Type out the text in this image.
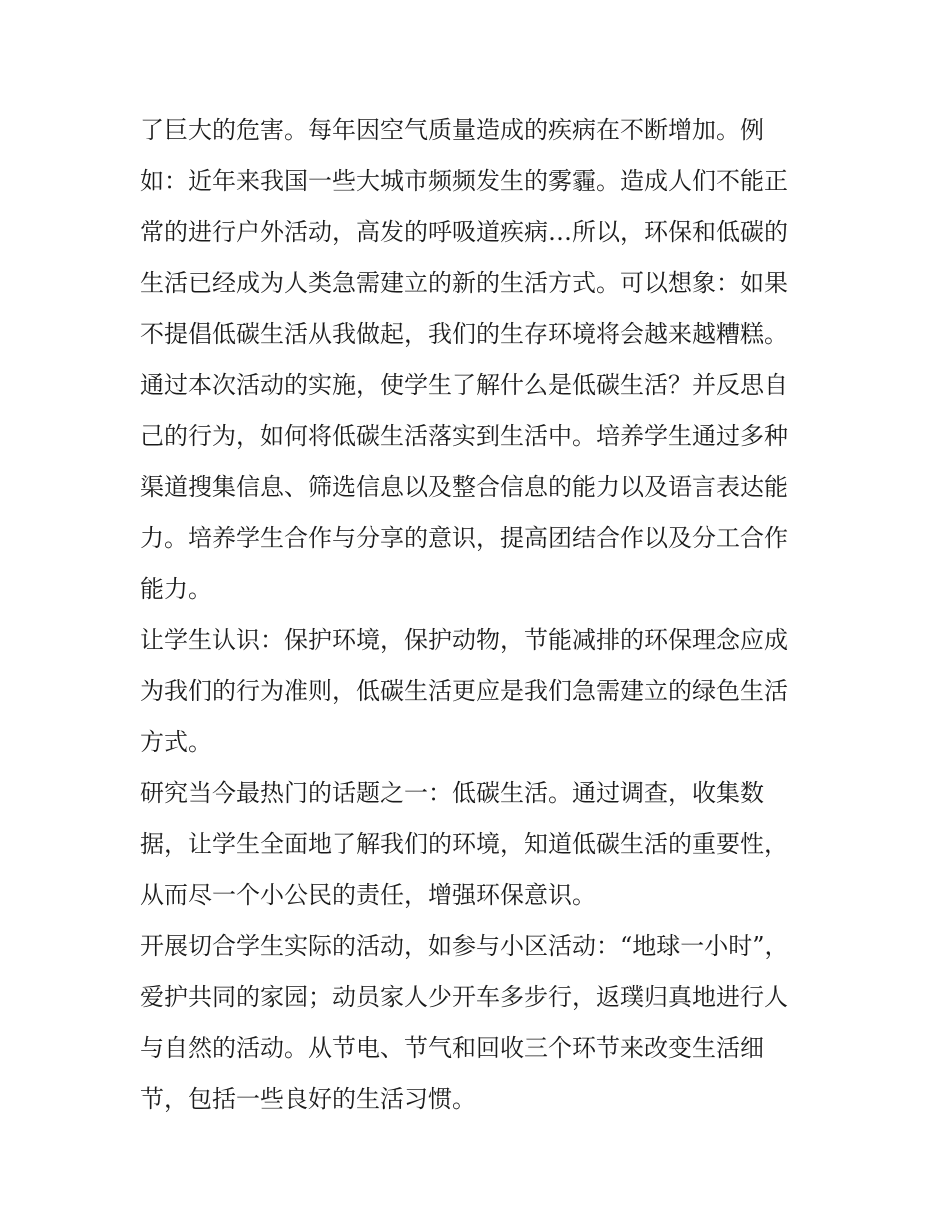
了巨大的危害。每年因空气质量造成的疾病在不断增加。例
如：近年来我国一些大城市频频发生的雾霾。造成人们不能正
常的进行户外活动，高发的呼吸道疾病…所以，环保和低碳的
生活已经成为人类急需建立的新的生活方式。可以想象：如果
不提倡低碳生活从我做起，我们的生存环境将会越来越糟糕。
通过本次活动的实施，使学生了解什么是低碳生活？并反思自
己的行为，如何将低碳生活落实到生活中。培养学生通过多种
渠道搜集信息、筛选信息以及整合信息的能力以及语言表达能
力。培养学生合作与分享的意识，提高团结合作以及分工合作
能力。
让学生认识：保护环境，保护动物，节能减排的环保理念应成
为我们的行为准则，低碳生活更应是我们急需建立的绿色生活
方式。
研究当今最热门的话题之一：低碳生活。通过调查，收集数
据，让学生全面地了解我们的环境，知道低碳生活的重要性，
从而尽一个小公民的责任，增强环保意识。
开展切合学生实际的活动，如参与小区活动：“地球一小时”，
爱护共同的家园；动员家人少开车多步行，返璞归真地进行人
与自然的活动。从节电、节气和回收三个环节来改变生活细
节，包括一些良好的生活习惯。
